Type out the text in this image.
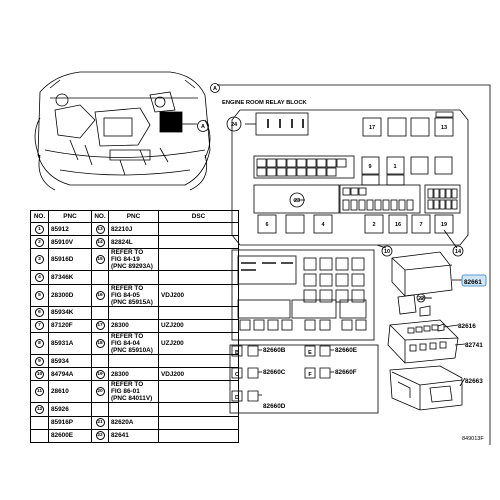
A
A
24
23
10	14
22
17	13
6	4	2	16	7	19
9	1
ENGINE ROOM RELAY BLOCK
B
C
D
E
F
82661
82616
82741
82663
82660B
82660C
82660D
82660E
82660F
849013F
NO.	PNC	NO.	PNC	DSC
1	85912	13	82210J	
2	85910V	14	82824L	
3	85916D	15	REFER TO
FIG 84-19
(PNC 89293A)	
4	87346K			
5	28300D	16	REFER TO
FIG 84-05
(PNC 85915A)	VDJ200
6	85934K			
7	87120F	17	28300	UZJ200
8	85931A	18	REFER TO
FIG 84-04
(PNC 85910A)	UZJ200
9	85934			
10	84794A	19	28300	VDJ200
11	28610	20	REFER TO
FIG 86-01
(PNC 84011V)	
12	85926			
	85916P	21	82620A	
	82600E	22	82641	
